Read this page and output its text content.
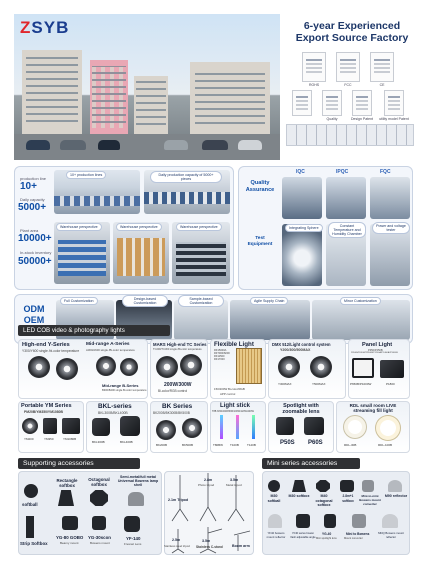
ZSYB	6-year Experienced
Export Source Factory
ROHS	FCC	CE
Quality	Design Patent	utility model Patent
production line
10+
Daily capacity
5000+
10+ production lines	Daily production capacity of 5000+ pieces
Plant area
10000+
In-stock inventory
50000+
Warehouse perspective	Warehouse perspective	Warehouse perspective
Quality
Assurance
IQC	IPQC	FQC
Test
Equipment
Integrating Sphere	Constant Temperature and Humidity Chamber
Power and voltage tester
ODM
OEM
Full Customization	Design-based Customization
Sample-based Customization	Agile Supply Chain	Minor Customization
LED COB video & photography lights
High-end Y-Series
Y300/Y600 single /bi-color temperature
Mid-range A-Series
A300/A600 single /Bi-color temperature
Mid-range B-Series
B300/B400 single Bi-color temperature
MARS High-end TC Series
TC200/TC300 single /Bi-color temperature
200W/300W
Bi-color/RGB control
Flexible Light
RF15000A
RF7000/8200
RF11500
RF17000
150/200W Bi-color/RGB
APP control
DMX 512/Light control system
Y200/300/500MAX
Y300MAX	Y500MAX
Panel Light
P450/P450B
P650B/P650W/P850B/P1200A/P1400A/P1800B
P650B/P1000W	P1800
Portable YM Series
PM20B/YM350/YM1080B
YM200	YM350	YM1080B
BKL-series
BKL300B/BKL400B
BKL300B	BKL400B
BK Series
BK200B/BK300B/BK500B
BK200B	BK500B
Light stick
T8B 30W/40W/80W/100W/120W/200W
T80BW T100B	T120B
Spotlight with zoomable lens
P50S P60S
RDL small room LIVE streaming fill light
RDL-30B	RDL-100B
Supporting accessories	Mini series accessories
softball
Rectangle softbox
Octagonal softbox
Semi-metal/full metal Universal Bowens lamp shell
Strip Softbox
YG-80 GOBO
Beamy mount
YG-30scon
Bowens mount
YF-140
Fresnel Lens
2.1m Tripod
2.8m
Photo tripod
3.5m
Metal tripod
2.5m
Stainless steel tripod
3.5m
Stainless C-stand	Boom arm
M30 softball
M30 softbox	M40 octagonal softbox
2.8m+1 softbox
Mini-to-mini Bowens mount converter
M90 reflector
YF40 bowens mount reflector
YF40 series bowen flash adjustable angle
YG-40
Mini spotlight lens
Mini to Bowens
Mount converter
MNQ Bowens mount reflector
